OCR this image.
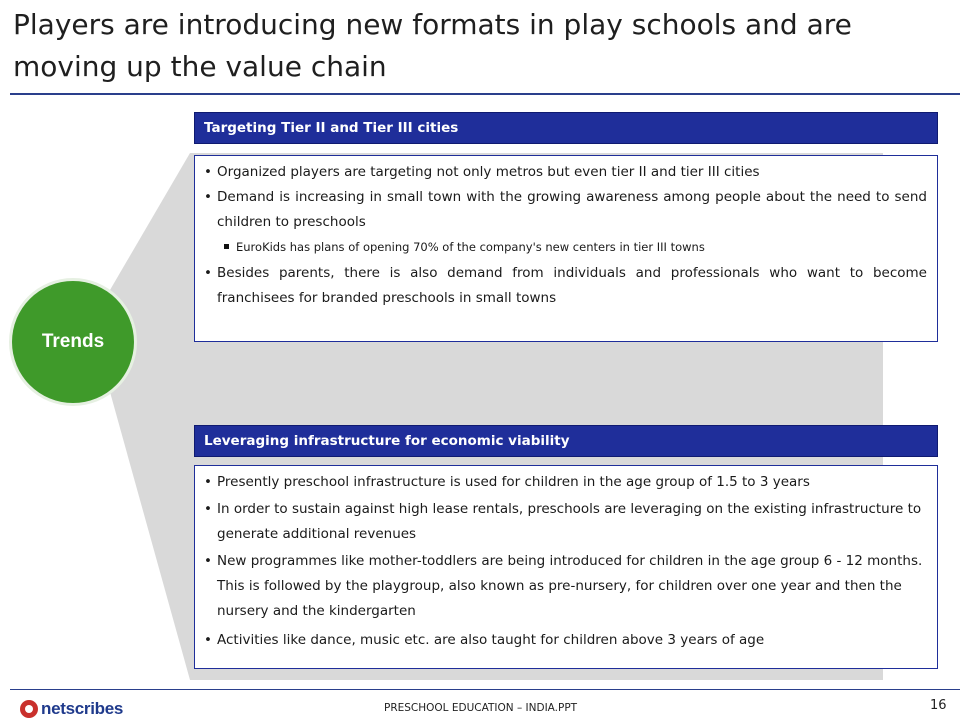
Players are introducing new formats in play schools and are moving up the value chain
Trends
Targeting Tier II and Tier III cities

• Organized players are targeting not only metros but even tier II and tier III cities

• Demand is increasing in small town with the growing awareness among people about the need to send children to preschools

EuroKids has plans of opening 70% of the company's new centers in tier III towns

• Besides parents, there is also demand from individuals and professionals who want to become franchisees for branded preschools in small towns

Leveraging infrastructure for economic viability

• Presently preschool infrastructure is used for children in the age group of 1.5 to 3 years

• In order to sustain against high lease rentals, preschools are leveraging on the existing infrastructure to generate additional revenues

• New programmes like mother-toddlers are being introduced for children in the age group 6 - 12 months. This is followed by the playgroup, also known as pre-nursery, for children over one year and then the nursery and the kindergarten

• Activities like dance, music etc. are also taught for children above 3 years of age

netscribes	PRESCHOOL EDUCATION – INDIA.PPT	16
